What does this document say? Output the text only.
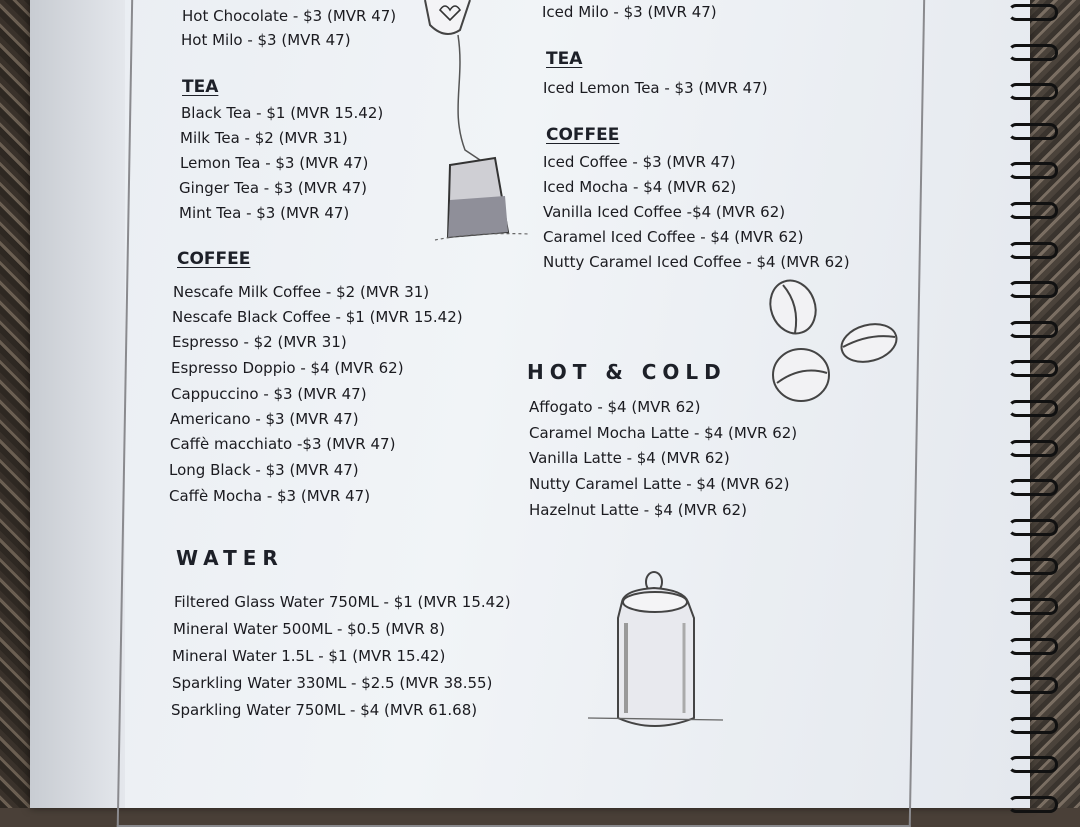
Hot Chocolate - $3 (MVR 47)
Hot Milo - $3 (MVR 47)
TEA
Black Tea - $1 (MVR 15.42)
Milk Tea - $2 (MVR 31)
Lemon Tea - $3 (MVR 47)
Ginger Tea - $3 (MVR 47)
Mint Tea - $3 (MVR 47)
COFFEE
Nescafe Milk Coffee - $2 (MVR 31)
Nescafe Black Coffee - $1 (MVR 15.42)
Espresso - $2 (MVR 31)
Espresso Doppio - $4 (MVR 62)
Cappuccino - $3 (MVR 47)
Americano - $3 (MVR 47)
Caffè macchiato -$3 (MVR 47)
Long Black - $3 (MVR 47)
Caffè Mocha - $3 (MVR 47)
WATER
Filtered Glass Water 750ML - $1 (MVR 15.42)
Mineral Water 500ML - $0.5 (MVR 8)
Mineral Water 1.5L - $1 (MVR 15.42)
Sparkling Water 330ML - $2.5 (MVR 38.55)
Sparkling Water 750ML - $4 (MVR 61.68)
Iced Milo - $3 (MVR 47)
TEA
Iced Lemon Tea - $3 (MVR 47)
COFFEE
Iced Coffee - $3 (MVR 47)
Iced Mocha - $4 (MVR 62)
Vanilla Iced Coffee -$4 (MVR 62)
Caramel Iced Coffee - $4 (MVR 62)
Nutty Caramel Iced Coffee - $4 (MVR 62)
HOT & COLD
Affogato - $4 (MVR 62)
Caramel Mocha Latte - $4 (MVR 62)
Vanilla Latte - $4 (MVR 62)
Nutty Caramel Latte - $4 (MVR 62)
Hazelnut Latte - $4 (MVR 62)
